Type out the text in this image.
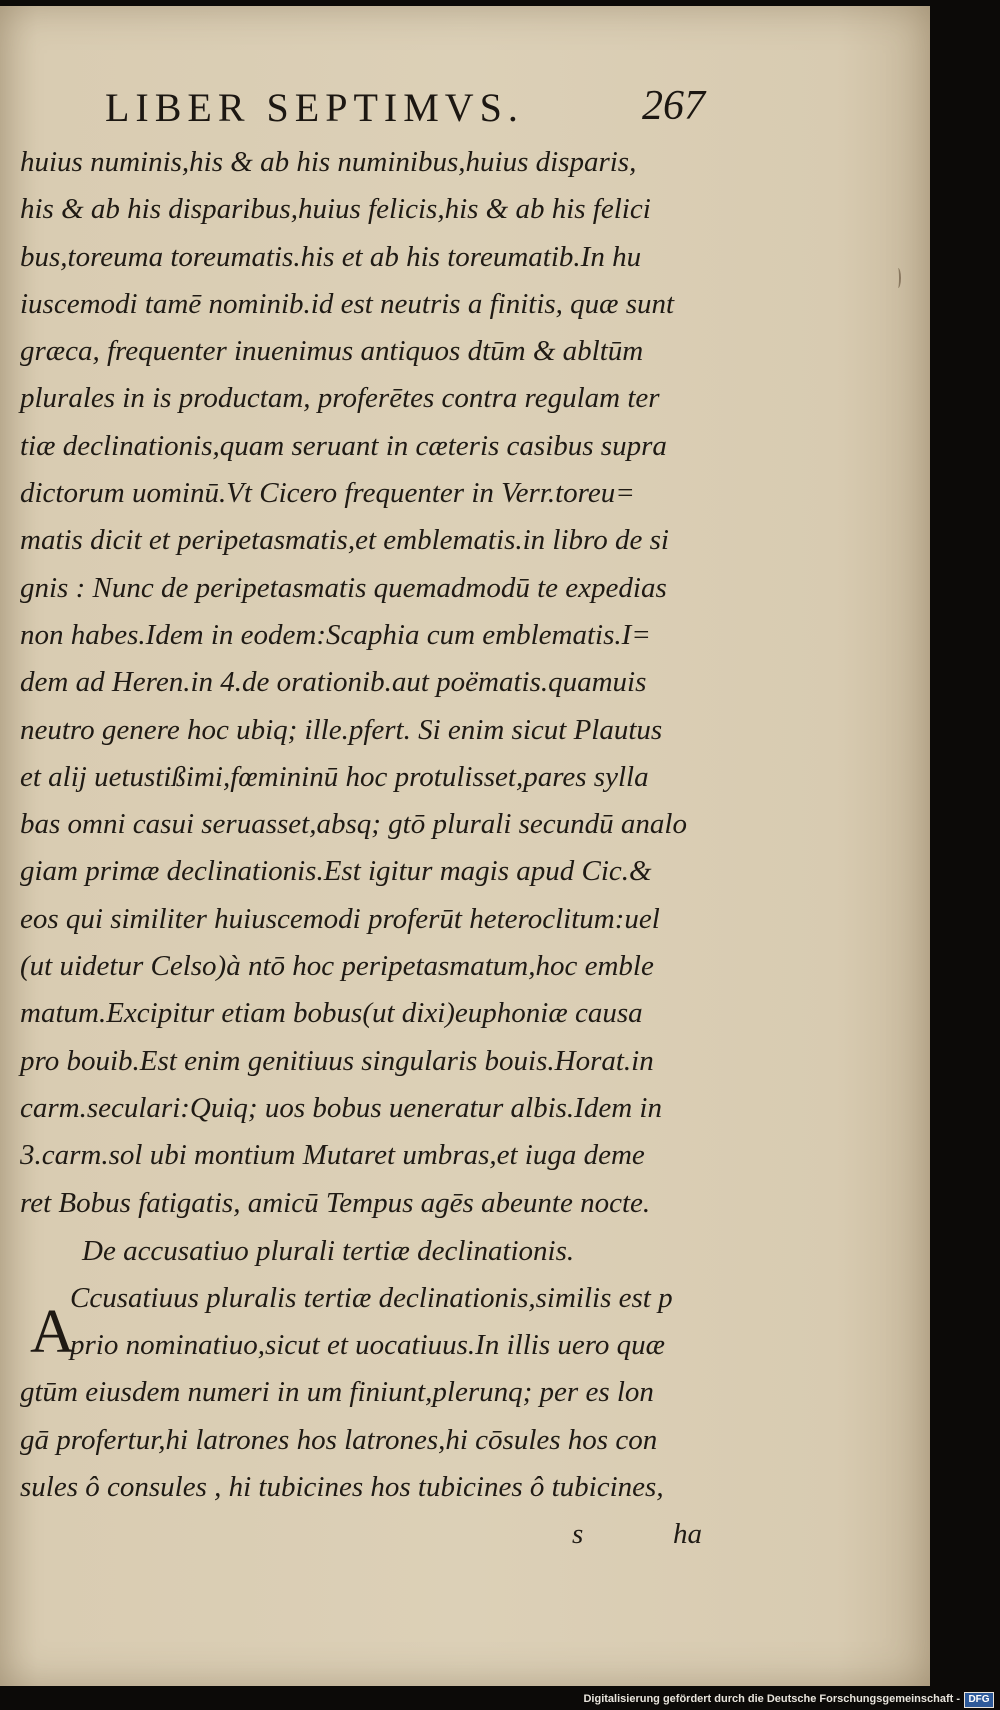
LIBER SEPTIMVS.	267
huius numinis,his & ab his numinibus,huius disparis,
his & ab his disparibus,huius felicis,his & ab his felici
bus,toreuma toreumatis.his et ab his toreumatib.In hu
iuscemodi tamē nominib.id est neutris a finitis, quæ sunt
græca, frequenter inuenimus antiquos dtūm & abltūm
plurales in is productam, proferētes contra regulam ter
tiæ declinationis,quam seruant in cæteris casibus supra
dictorum uominū.Vt Cicero frequenter in Verr.toreu=
matis dicit et peripetasmatis,et emblematis.in libro de si
gnis : Nunc de peripetasmatis quemadmodū te expedias
non habes.Idem in eodem:Scaphia cum emblematis.I=
dem ad Heren.in 4.de orationib.aut poëmatis.quamuis
neutro genere hoc ubiq; ille.pfert. Si enim sicut Plautus
et alij uetustißimi,fœmininū hoc protulisset,pares sylla
bas omni casui seruasset,absq; gtō plurali secundū analo
giam primæ declinationis.Est igitur magis apud Cic.&
eos qui similiter huiuscemodi proferūt heteroclitum:uel
(ut uidetur Celso)à ntō hoc peripetasmatum,hoc emble
matum.Excipitur etiam bobus(ut dixi)euphoniæ causa
pro bouib.Est enim genitiuus singularis bouis.Horat.in
carm.seculari:Quiq; uos bobus ueneratur albis.Idem in
3.carm.sol ubi montium Mutaret umbras,et iuga deme
ret Bobus fatigatis, amicū Tempus agēs abeunte nocte.
De accusatiuo plurali tertiæ declinationis.
A
Ccusatiuus pluralis tertiæ declinationis,similis est p
prio nominatiuo,sicut et uocatiuus.In illis uero quæ
gtūm eiusdem numeri in um finiunt,plerunq; per es lon
gā profertur,hi latrones hos latrones,hi cōsules hos con
sules ô consules , hi tubicines hos tubicines ô tubicines,
s	ha
Digitalisierung gefördert durch die Deutsche Forschungsgemeinschaft - DFG
